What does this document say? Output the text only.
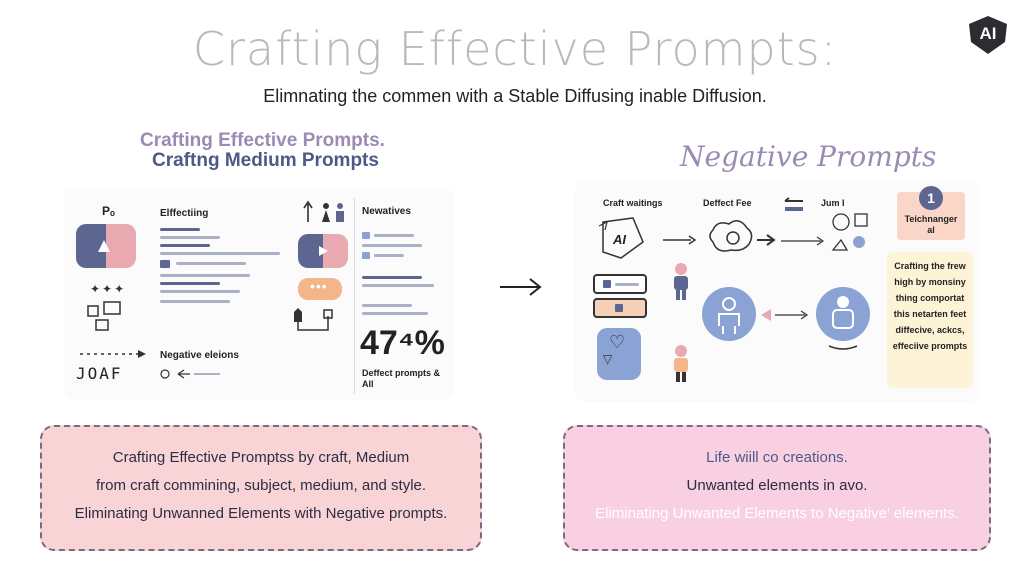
Crafting Effective Prompts:
Elimnating the commen with a Stable Diffusing inable Diffusion.
AI
Crafting Effective Prompts.
Craftng Medium Prompts	Negative Prompts
Pₒ
✦✦✦
JOAF
Elffectiing
Negative eleions
•••
Newatives
47⁴%
Deffect prompts & All
Craft waitings
AI
♡
▽
Deffect Fee	Jum I	1
Teichnanger al
Crafting the frew high by monsiny thing comportat this netarten feet diffecive, ackcs, effeciive prompts

Crafting Effective Promptss by craft, Medium

from craft commining, subject, medium, and style.

Eliminating Unwanned Elements with Negative prompts.

Life wiill co creations.

Unwanted elements in avo.

Eliminating Unwanted Elements to Negative’ elements.
